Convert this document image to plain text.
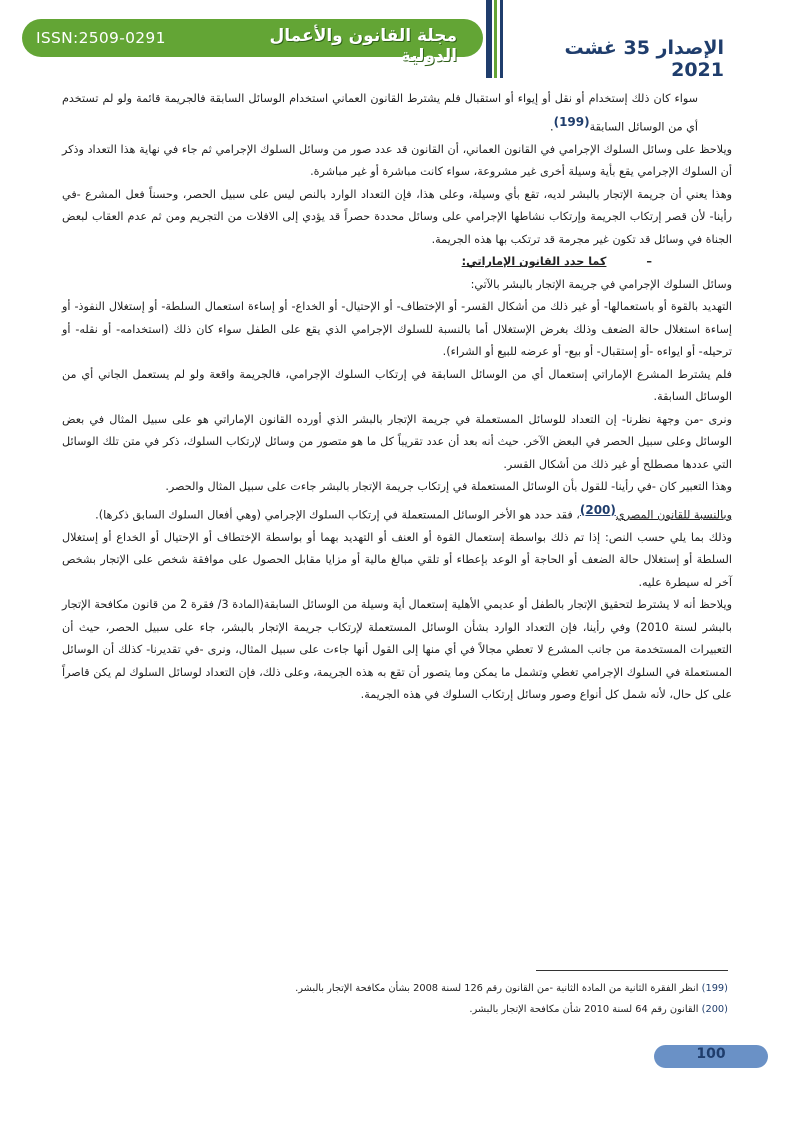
ISSN:2509-0291	مجلة القانون والأعمال الدولية	الإصدار 35 غشت 2021

سواء كان ذلك إستخدام أو نقل أو إيواء أو استقبال فلم يشترط القانون العماني استخدام الوسائل السابقة فالجريمة قائمة ولو لم تستخدم أي من الوسائل السابقة$^{(199)}$.

ويلاحظ على وسائل السلوك الإجرامي في القانون العماني، أن القانون قد عدد صور من وسائل السلوك الإجرامي ثم جاء في نهاية هذا التعداد وذكر أن السلوك الإجرامي يقع بأية وسيلة أخرى غير مشروعة، سواء كانت مباشرة أو غير مباشرة.

وهذا يعني أن جريمة الإتجار بالبشر لديه، تقع بأي وسيلة، وعلى هذا، فإن التعداد الوارد بالنص ليس على سبيل الحصر، وحسناً فعل المشرع -في رأينا- لأن قصر إرتكاب الجريمة وإرتكاب نشاطها الإجرامي على وسائل محددة حصراً قد يؤدي إلى الافلات من التجريم ومن ثم عدم العقاب لبعض الجناة في وسائل قد تكون غير مجرمة قد ترتكب بها هذه الجريمة.

–كما حدد القانون الإماراتي:

وسائل السلوك الإجرامي في جريمة الإتجار بالبشر بالآتي:

التهديد بالقوة أو باستعمالها- أو غير ذلك من أشكال القسر- أو الإختطاف- أو الإحتيال- أو الخداع- أو إساءة استعمال السلطة- أو إستغلال النفوذ- أو إساءة استغلال حالة الضعف وذلك بغرض الإستغلال أما بالنسبة للسلوك الإجرامي الذي يقع على الطفل سواء كان ذلك (استخدامه- أو نقله- أو ترحيله- أو ايواءه -أو إستقبال- أو بيع- أو عرضه للبيع أو الشراء).

فلم يشترط المشرع الإماراتي إستعمال أي من الوسائل السابقة في إرتكاب السلوك الإجرامي، فالجريمة واقعة ولو لم يستعمل الجاني أي من الوسائل السابقة.

ونرى -من وجهة نظرنا- إن التعداد للوسائل المستعملة في جريمة الإتجار بالبشر الذي أورده القانون الإماراتي هو على سبيل المثال في بعض الوسائل وعلى سبيل الحصر في البعض الآخر. حيث أنه بعد أن عدد تقريباً كل ما هو متصور من وسائل لإرتكاب السلوك، ذكر في متن تلك الوسائل التي عددها مصطلح أو غير ذلك من أشكال القسر.

وهذا التعبير كان -في رأينا- للقول بأن الوسائل المستعملة في إرتكاب جريمة الإتجار بالبشر جاءت على سبيل المثال والحصر.

وبالنسبة للقانون المصري$^{(200)}$، فقد حدد هو الأخر الوسائل المستعملة في إرتكاب السلوك الإجرامي (وهي أفعال السلوك السابق ذكرها).

وذلك بما يلي حسب النص: إذا تم ذلك بواسطة إستعمال القوة أو العنف أو التهديد بهما أو بواسطة الإختطاف أو الإحتيال أو الخداع أو إستغلال السلطة أو إستغلال حالة الضعف أو الحاجة أو الوعد بإعطاء أو تلقي مبالغ مالية أو مزايا مقابل الحصول على موافقة شخص على الإتجار بشخص آخر له سيطرة عليه.

ويلاحظ أنه لا يشترط لتحقيق الإتجار بالطفل أو عديمي الأهلية إستعمال أية وسيلة من الوسائل السابقة(المادة 3/ فقرة 2 من قانون مكافحة الإتجار بالبشر لسنة 2010) وفي رأينا، فإن التعداد الوارد بشأن الوسائل المستعملة لإرتكاب جريمة الإتجار بالبشر، جاء على سبيل الحصر، حيث أن التعبيرات المستخدمة من جانب المشرع لا تعطي مجالاً في أي منها إلى القول أنها جاءت على سبيل المثال، ونرى -في تقديرنا- كذلك أن الوسائل المستعملة في السلوك الإجرامي تغطي وتشمل ما يمكن وما يتصور أن تقع به هذه الجريمة، وعلى ذلك، فإن التعداد لوسائل السلوك لم يكن قاصراً على كل حال، لأنه شمل كل أنواع وصور وسائل إرتكاب السلوك في هذه الجريمة.

(199) انظر الفقرة الثانية من المادة الثانية -من القانون رقم 126 لسنة 2008 بشأن مكافحة الإتجار بالبشر.
(200) القانون رقم 64 لسنة 2010 شأن مكافحة الإتجار بالبشر.
100
